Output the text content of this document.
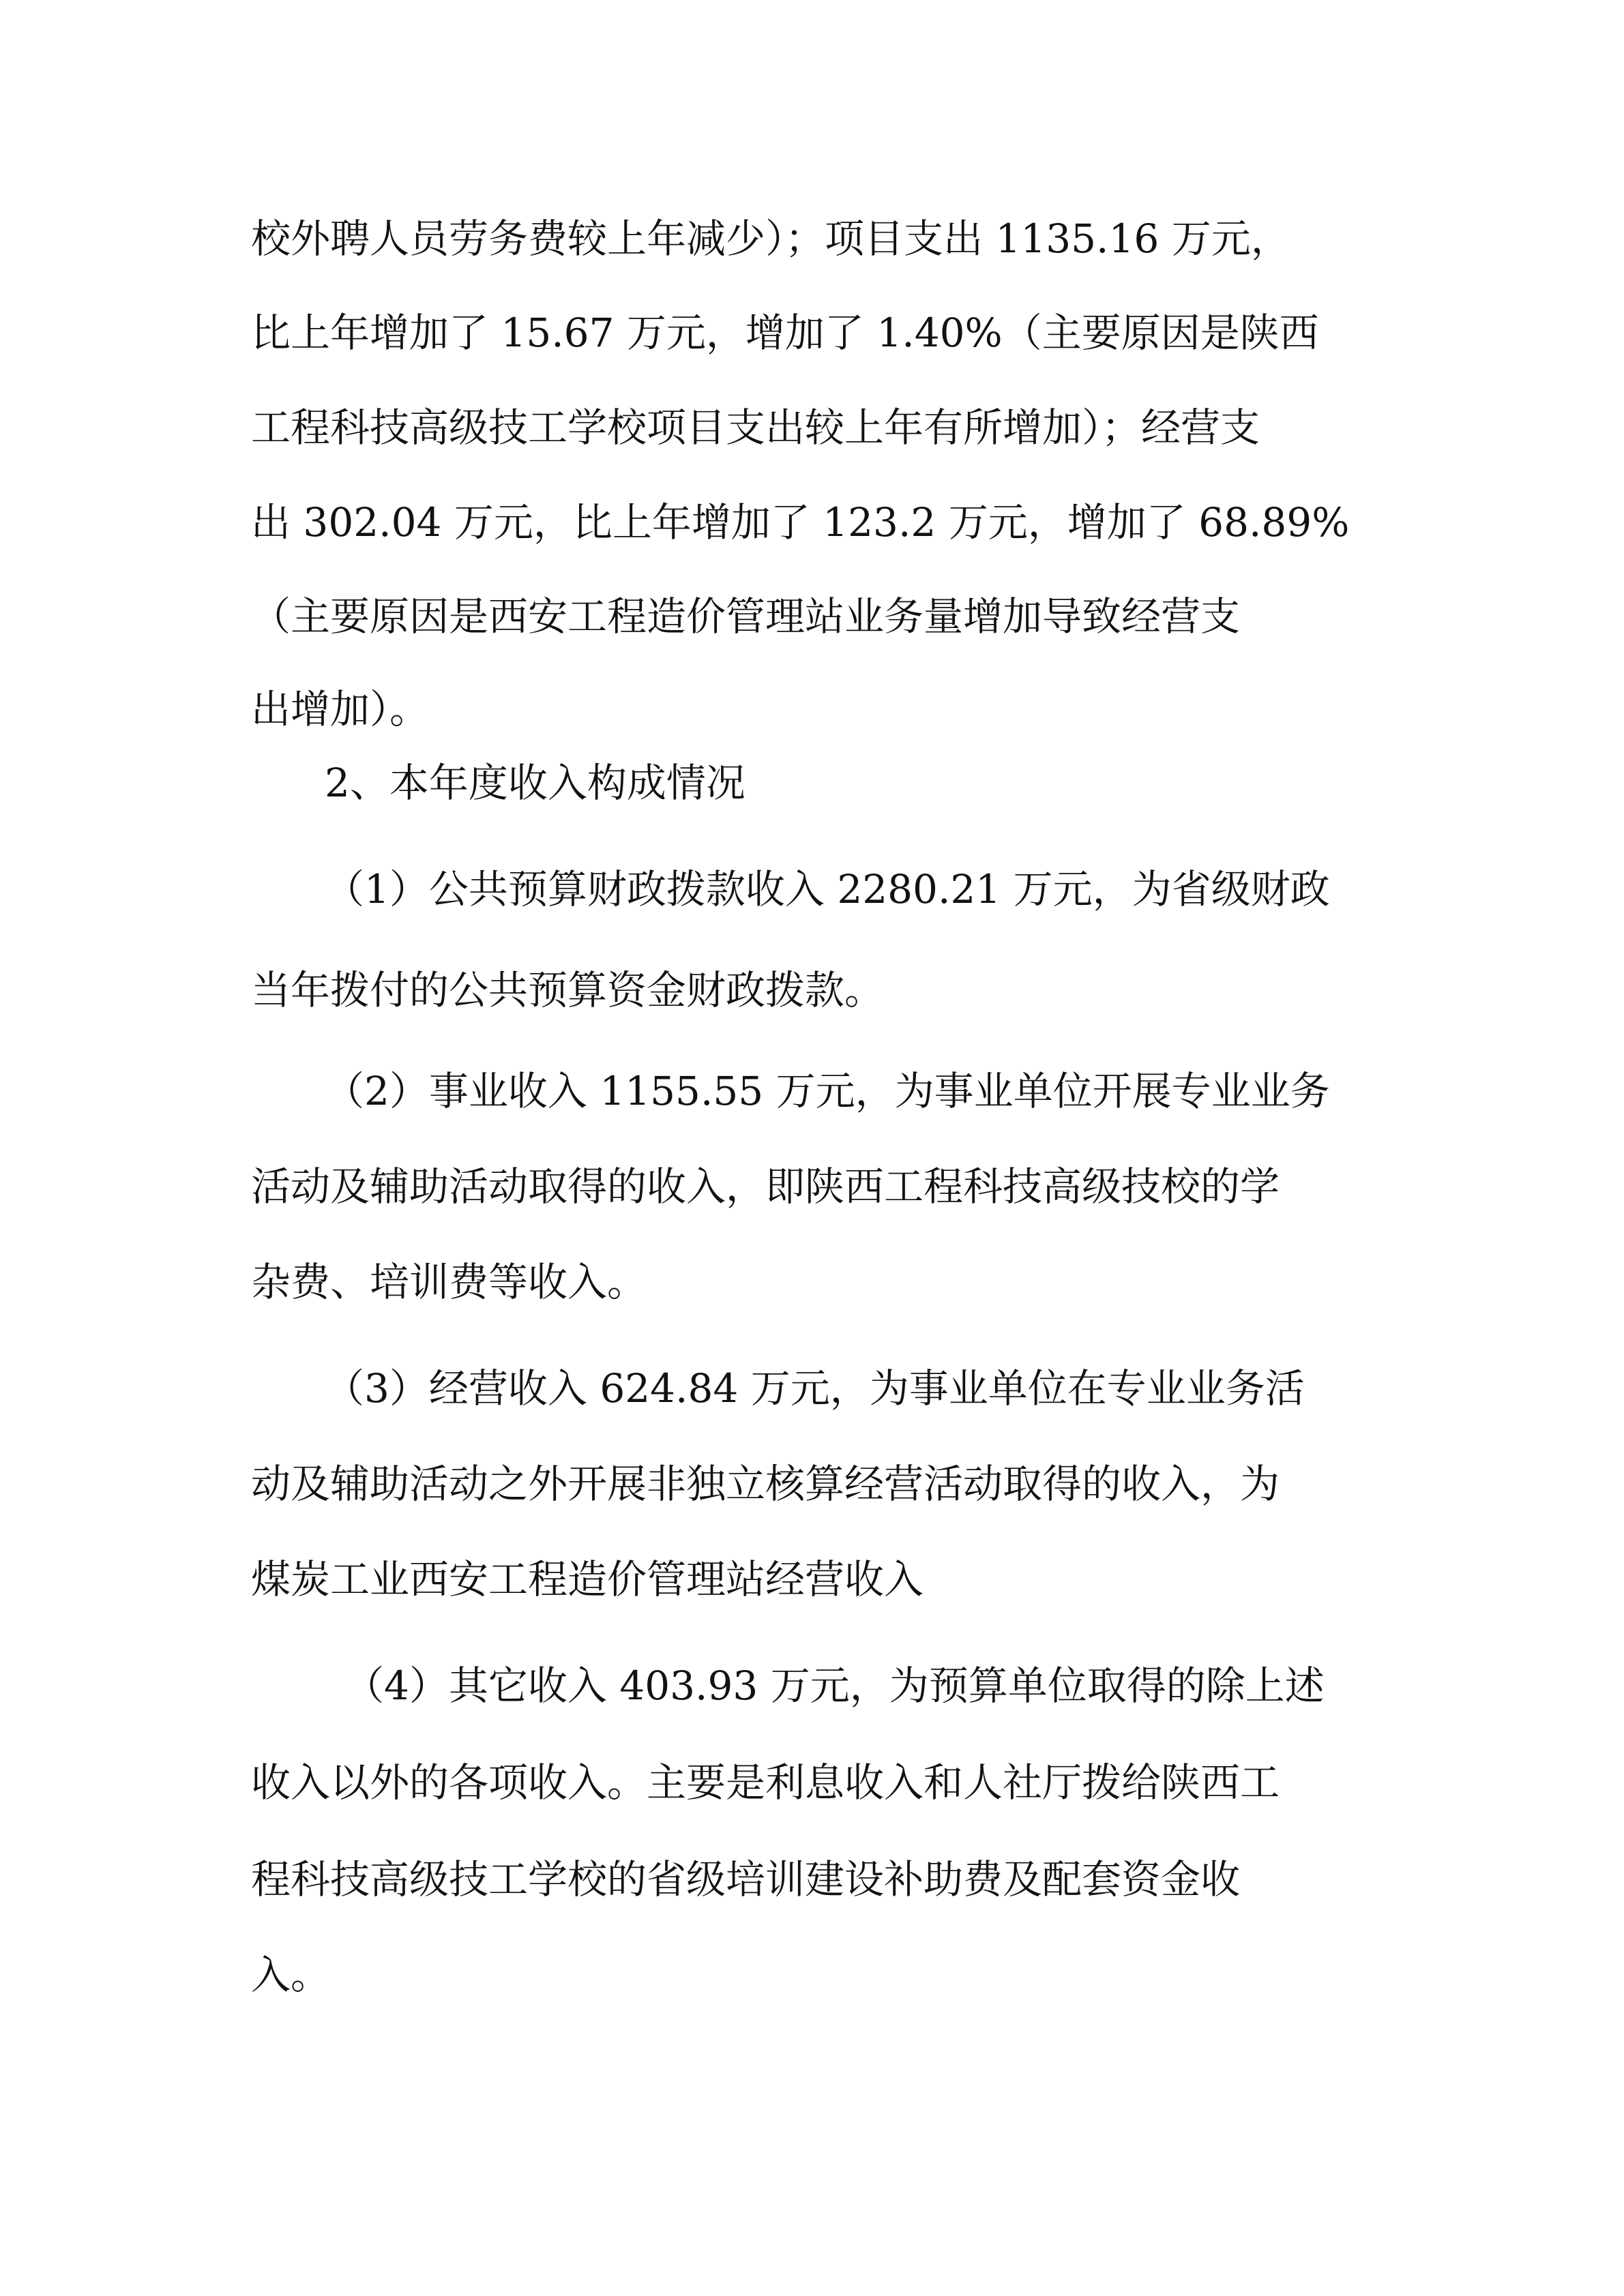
校外聘人员劳务费较上年减少）；项目支出 1135.16 万元，

比上年增加了 15.67 万元，增加了 1.40%（主要原因是陕西

工程科技高级技工学校项目支出较上年有所增加）；经营支

出 302.04 万元，比上年增加了 123.2 万元，增加了 68.89%

（主要原因是西安工程造价管理站业务量增加导致经营支

出增加）。

2、本年度收入构成情况

（1）公共预算财政拨款收入 2280.21 万元，为省级财政

当年拨付的公共预算资金财政拨款。

（2）事业收入 1155.55 万元，为事业单位开展专业业务

活动及辅助活动取得的收入，即陕西工程科技高级技校的学

杂费、培训费等收入。

（3）经营收入 624.84 万元，为事业单位在专业业务活

动及辅助活动之外开展非独立核算经营活动取得的收入，为

煤炭工业西安工程造价管理站经营收入

（4）其它收入 403.93 万元，为预算单位取得的除上述

收入以外的各项收入。主要是利息收入和人社厅拨给陕西工

程科技高级技工学校的省级培训建设补助费及配套资金收

入。
